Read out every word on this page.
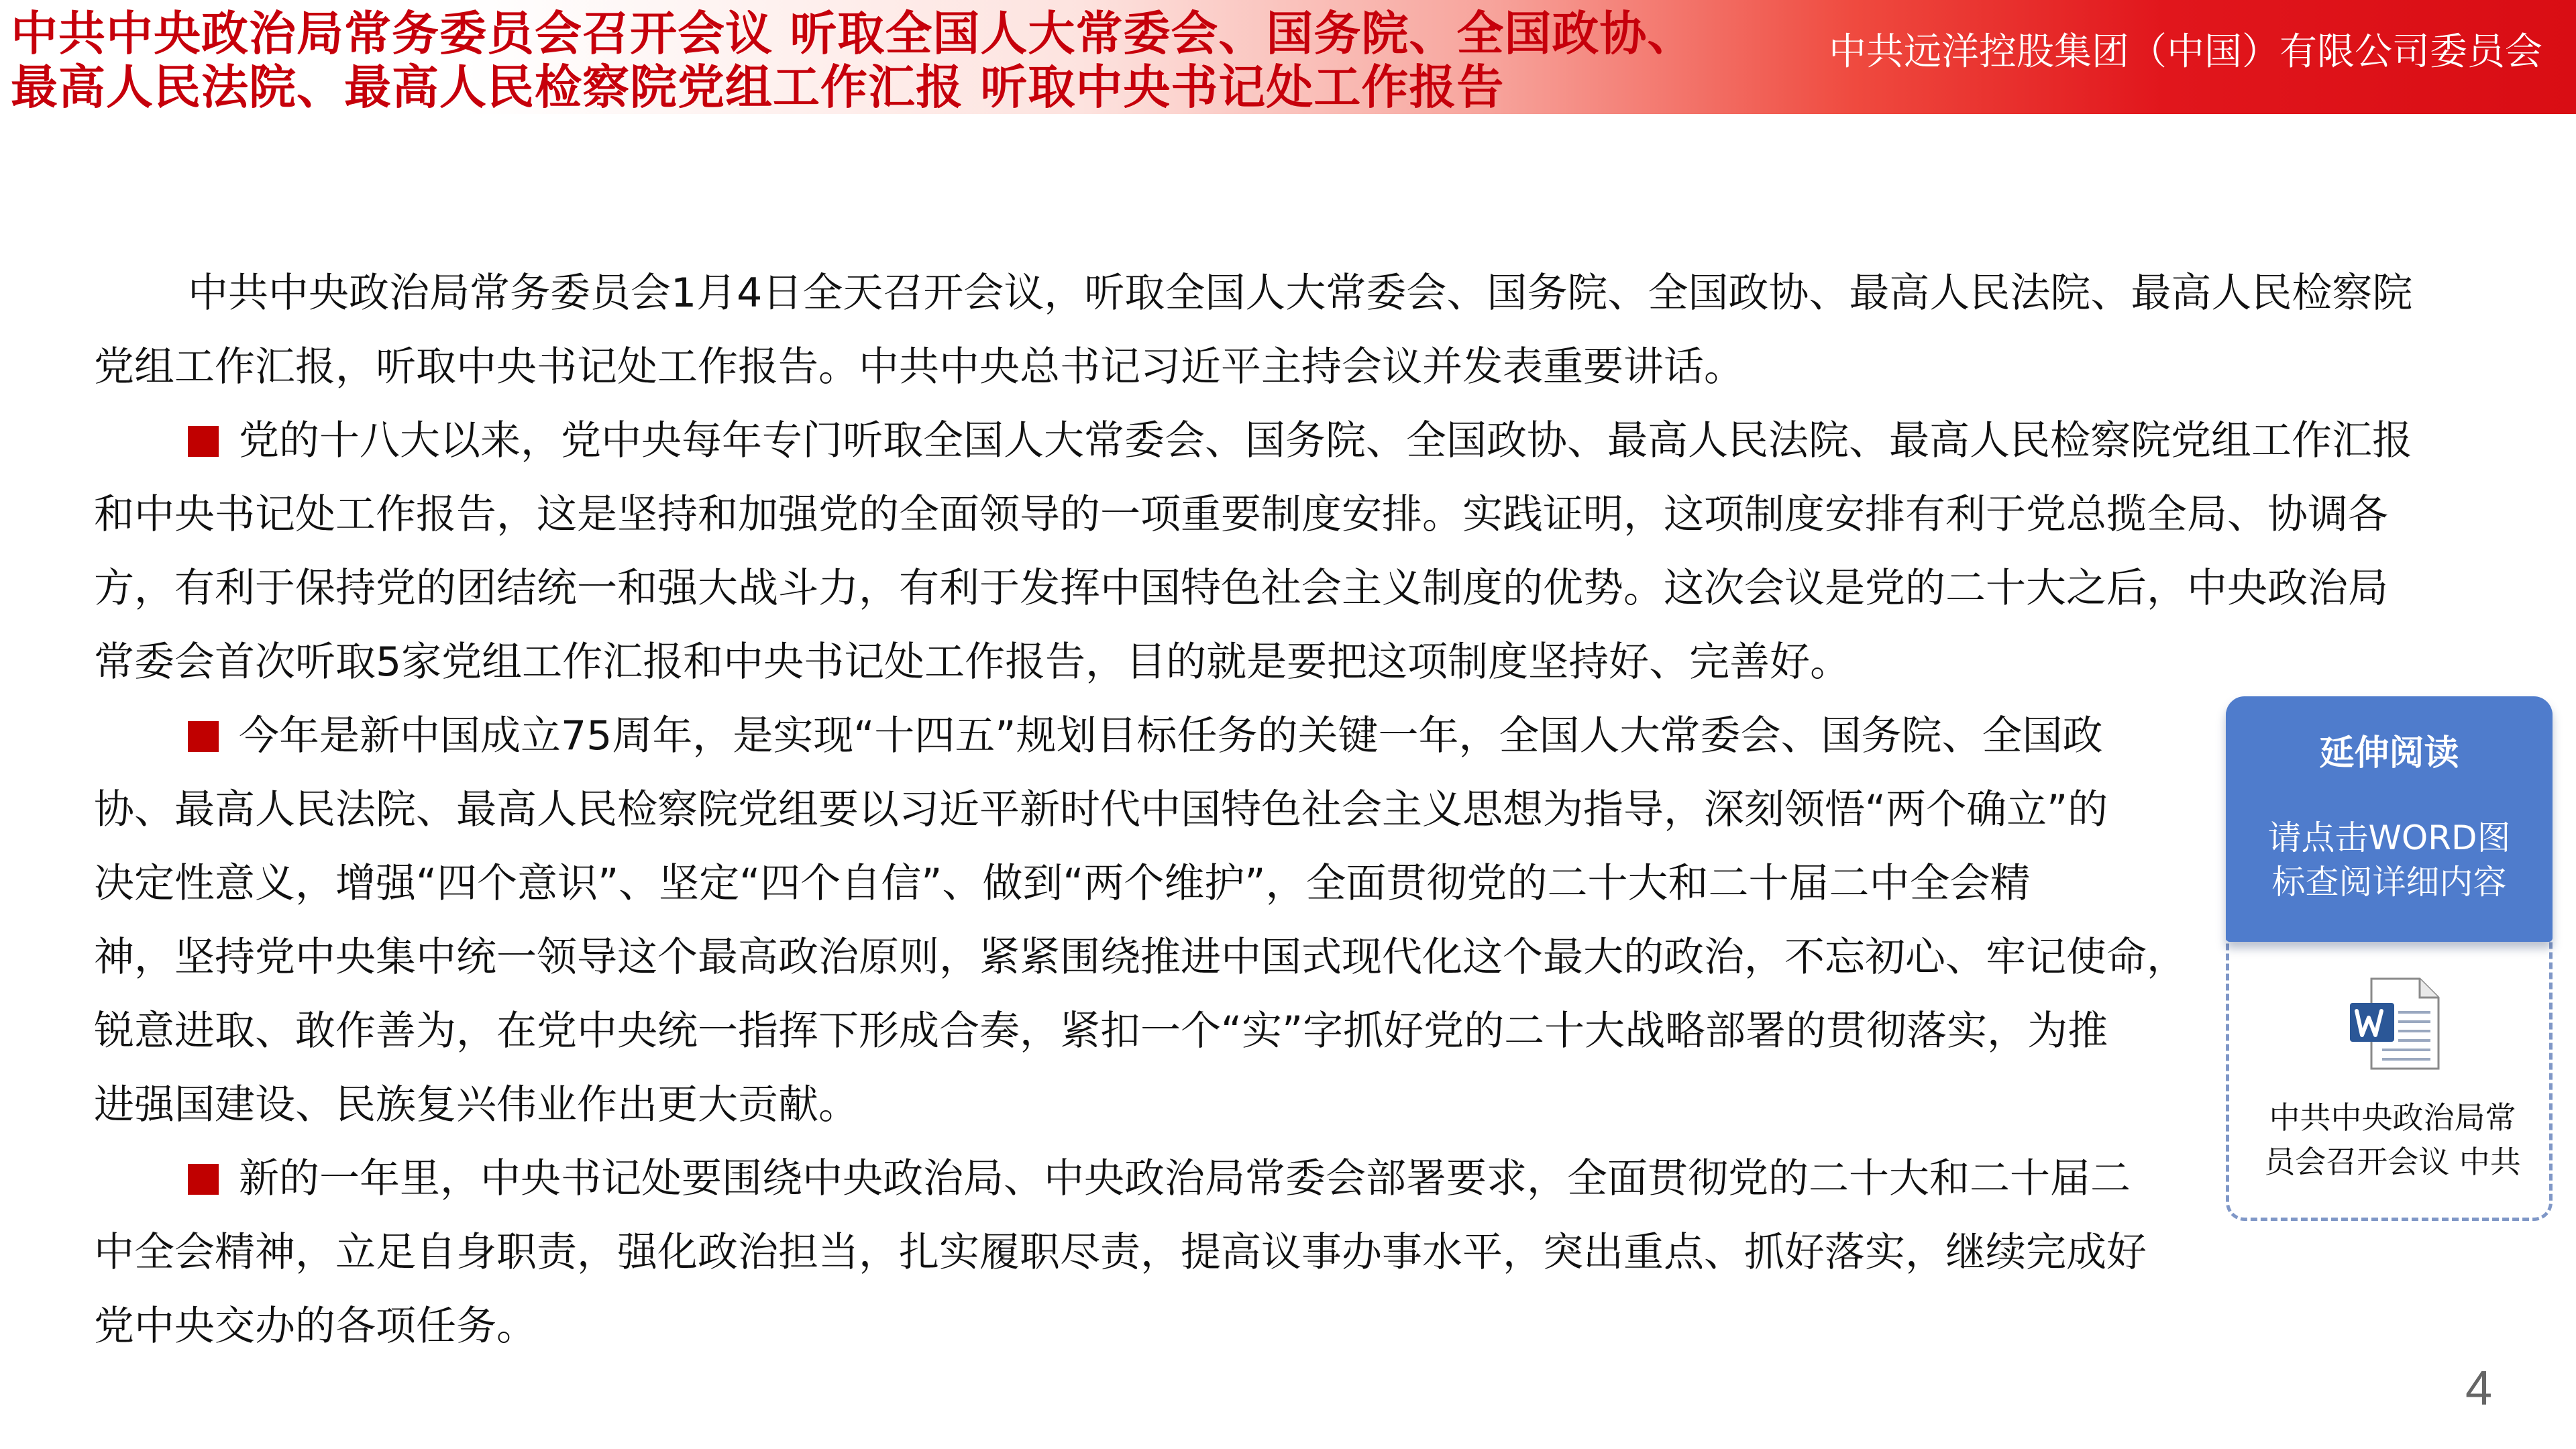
中共中央政治局常务委员会召开会议 听取全国人大常委会、国务院、全国政协、
最高人民法院、最高人民检察院党组工作汇报 听取中央书记处工作报告
中共远洋控股集团（中国）有限公司委员会
中共中央政治局常务委员会1月4日全天召开会议，听取全国人大常委会、国务院、全国政协、最高人民法院、最高人民检察院
党组工作汇报，听取中央书记处工作报告。中共中央总书记习近平主持会议并发表重要讲话。
党的十八大以来，党中央每年专门听取全国人大常委会、国务院、全国政协、最高人民法院、最高人民检察院党组工作汇报
和中央书记处工作报告，这是坚持和加强党的全面领导的一项重要制度安排。实践证明，这项制度安排有利于党总揽全局、协调各
方，有利于保持党的团结统一和强大战斗力，有利于发挥中国特色社会主义制度的优势。这次会议是党的二十大之后，中央政治局
常委会首次听取5家党组工作汇报和中央书记处工作报告，目的就是要把这项制度坚持好、完善好。
今年是新中国成立75周年，是实现“十四五”规划目标任务的关键一年，全国人大常委会、国务院、全国政
协、最高人民法院、最高人民检察院党组要以习近平新时代中国特色社会主义思想为指导，深刻领悟“两个确立”的
决定性意义，增强“四个意识”、坚定“四个自信”、做到“两个维护”，全面贯彻党的二十大和二十届二中全会精
神，坚持党中央集中统一领导这个最高政治原则，紧紧围绕推进中国式现代化这个最大的政治，不忘初心、牢记使命，
锐意进取、敢作善为，在党中央统一指挥下形成合奏，紧扣一个“实”字抓好党的二十大战略部署的贯彻落实，为推
进强国建设、民族复兴伟业作出更大贡献。
新的一年里，中央书记处要围绕中央政治局、中央政治局常委会部署要求，全面贯彻党的二十大和二十届二
中全会精神，立足自身职责，强化政治担当，扎实履职尽责，提高议事办事水平，突出重点、抓好落实，继续完成好
党中央交办的各项任务。
延伸阅读
请点击WORD图
标查阅详细内容
中共中央政治局常
员会召开会议 中共
4
